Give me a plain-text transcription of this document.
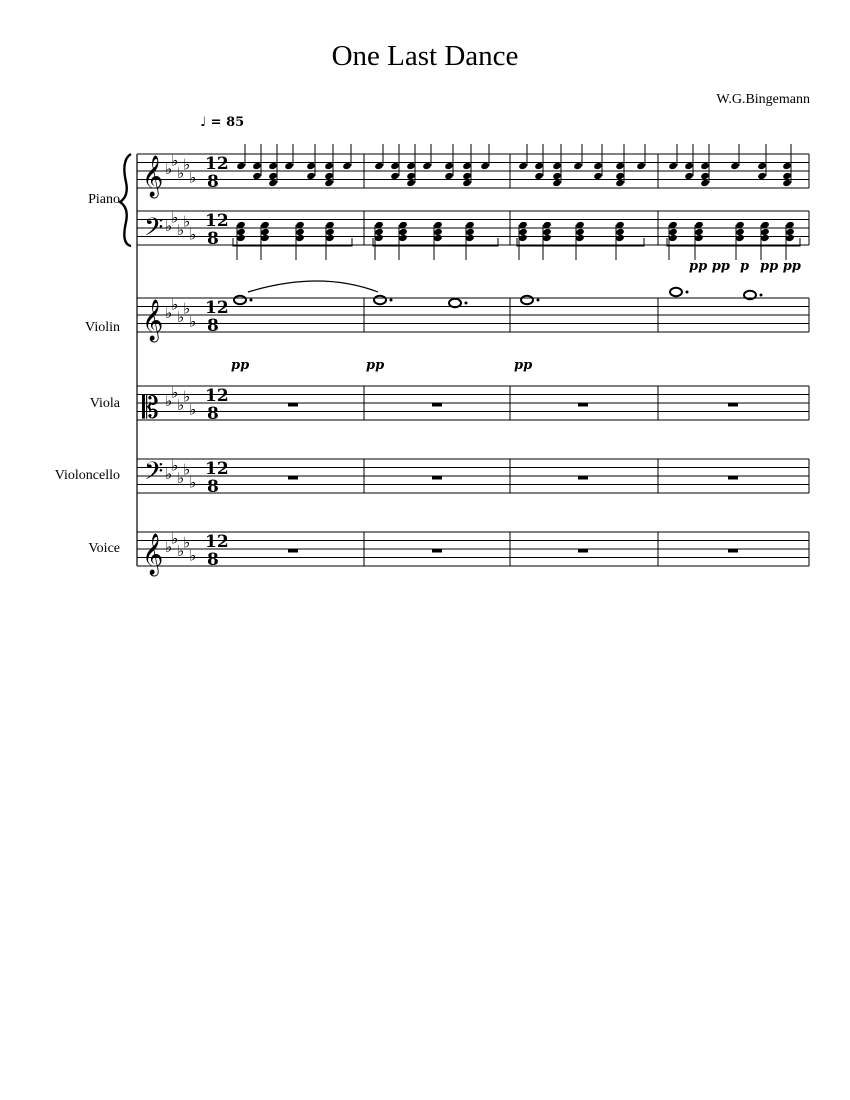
One Last Dance
W.G.Bingemann
♩ = 85
Piano
Violin
Viola
Violoncello
Voice
𝄞
𝄢
𝄞
𝄡
𝄢
𝄞
♭
♭
♭
♭
♭
12
8
♭
♭
♭
♭
♭
12
8
♭
♭
♭
♭
♭
12
8
♭
♭
♭
♭
♭
12
8
♭
♭
♭
♭
♭
12
8
♭
♭
♭
♭
♭
12
8
pp pp p pp pp
pp	pp	pp
